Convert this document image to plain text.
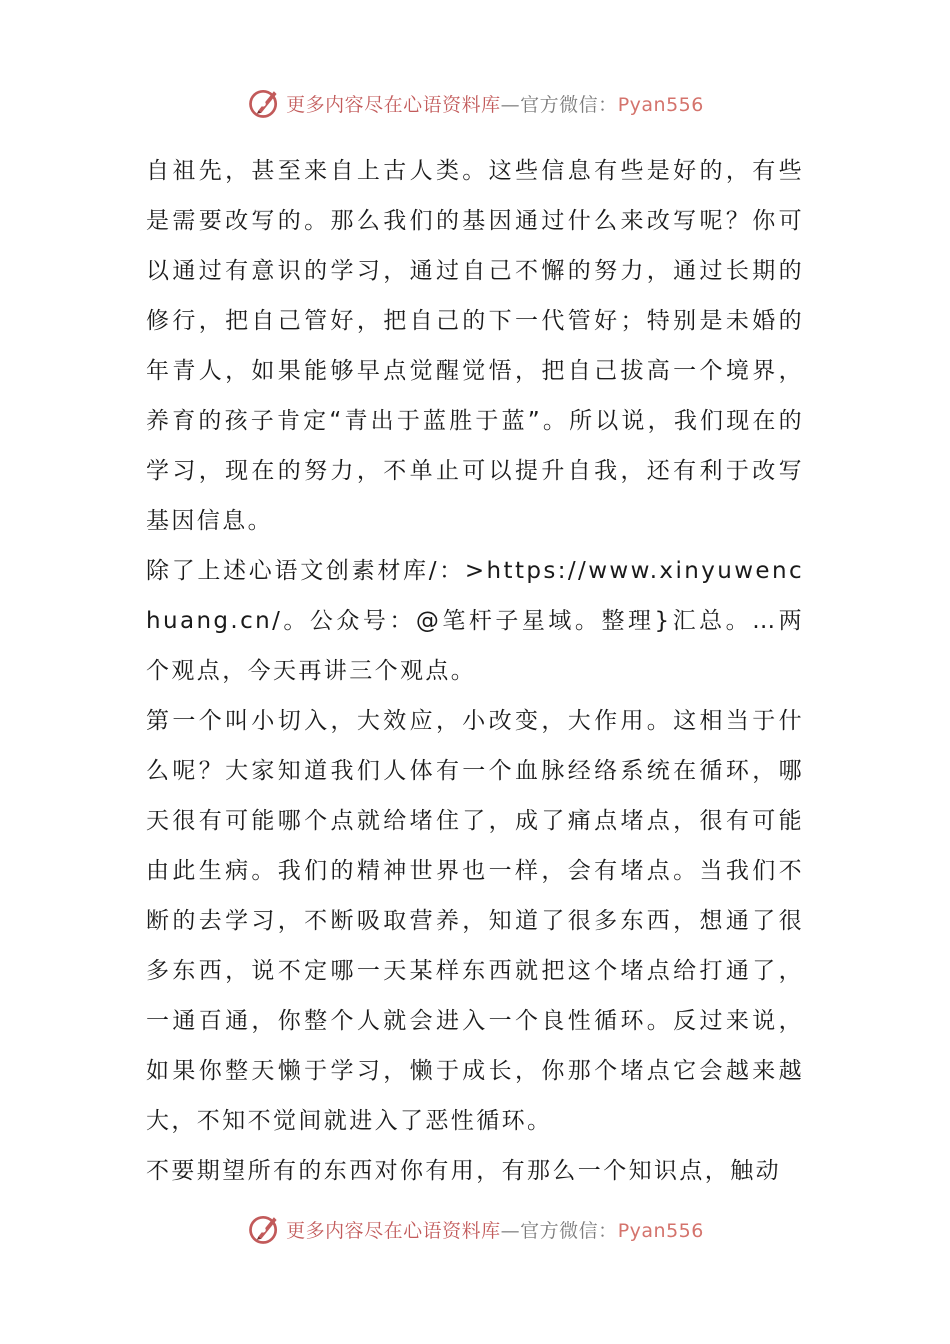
更多内容尽在心语资料库—官方微信：Pyan556

自祖先，甚至来自上古人类。这些信息有些是好的，有些是需要改写的。那么我们的基因通过什么来改写呢？你可以通过有意识的学习，通过自己不懈的努力，通过长期的修行，把自己管好，把自己的下一代管好；特别是未婚的年青人，如果能够早点觉醒觉悟，把自己拔高一个境界，养育的孩子肯定“青出于蓝胜于蓝”。所以说，我们现在的学习，现在的努力，不单止可以提升自我，还有利于改写基因信息。

除了上述心语文创素材库/：>https://www.xinyuwenchuang.cn/。公众号：@笔杆子星域。整理}汇总。…两个观点，今天再讲三个观点。

第一个叫小切入，大效应，小改变，大作用。这相当于什么呢？大家知道我们人体有一个血脉经络系统在循环，哪天很有可能哪个点就给堵住了，成了痛点堵点，很有可能由此生病。我们的精神世界也一样，会有堵点。当我们不断的去学习，不断吸取营养，知道了很多东西，想通了很多东西，说不定哪一天某样东西就把这个堵点给打通了，一通百通，你整个人就会进入一个良性循环。反过来说，如果你整天懒于学习，懒于成长，你那个堵点它会越来越大，不知不觉间就进入了恶性循环。

不要期望所有的东西对你有用，有那么一个知识点，触动

更多内容尽在心语资料库—官方微信：Pyan556
